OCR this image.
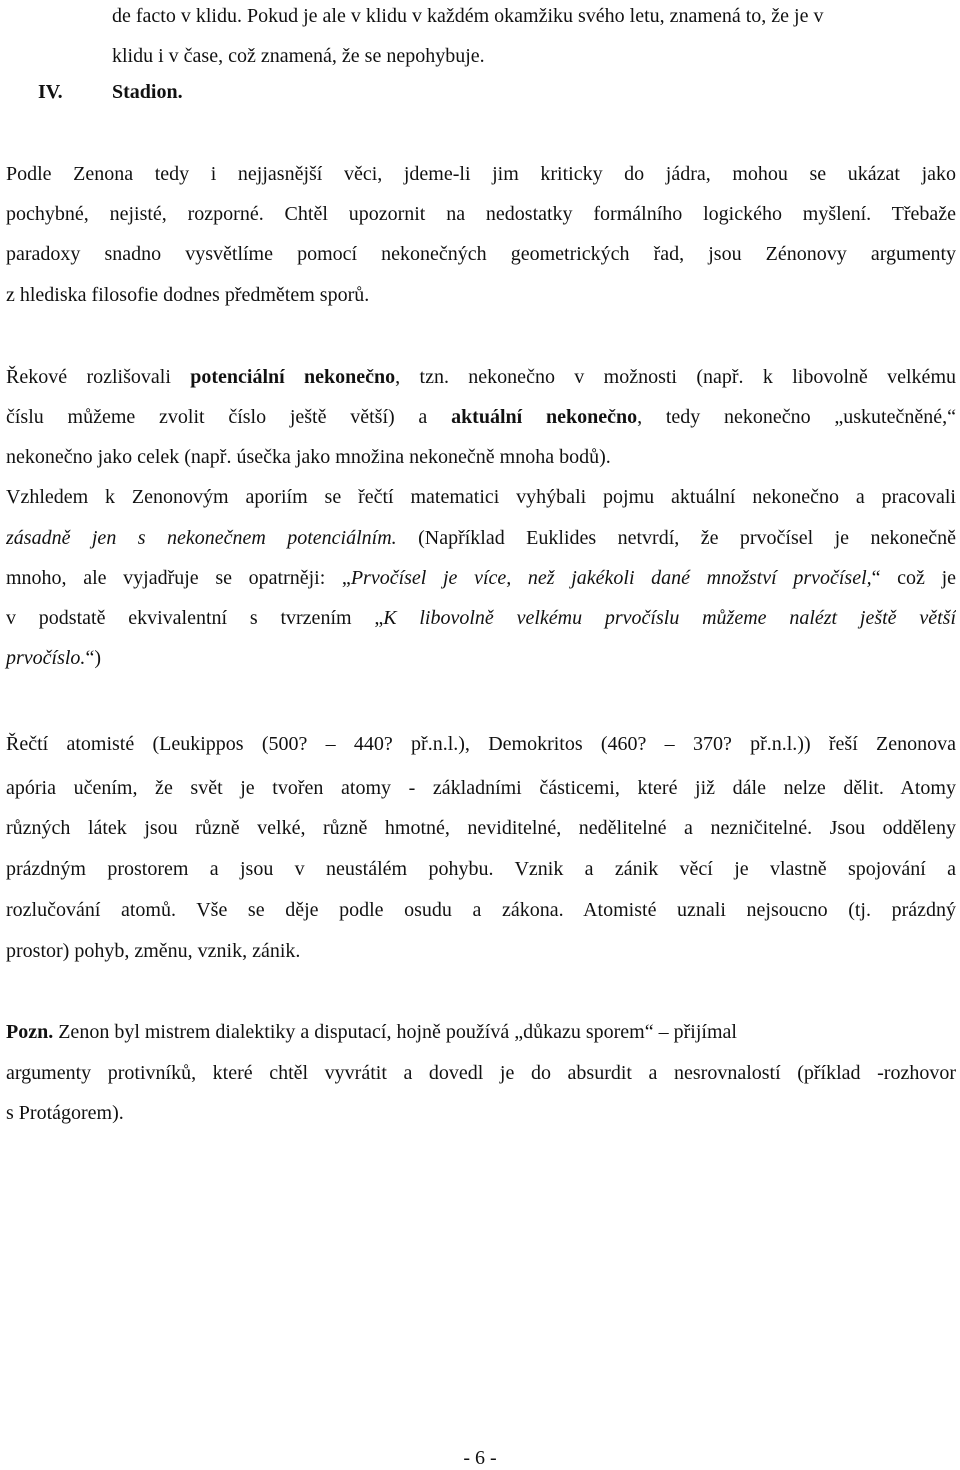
de facto v klidu. Pokud je ale v klidu v každém okamžiku svého letu, znamená to, že je v
klidu i v čase, což znamená, že se nepohybuje.
IV. Stadion.
Podle Zenona tedy i nejjasnější věci, jdeme-li jim kriticky do jádra, mohou se ukázat jako
pochybné, nejisté, rozporné. Chtěl upozornit na nedostatky formálního logického myšlení. Třebaže
paradoxy snadno vysvětlíme pomocí nekonečných geometrických řad, jsou Zénonovy argumenty
z hlediska filosofie dodnes předmětem sporů.
Řekové rozlišovali potenciální nekonečno, tzn. nekonečno v možnosti (např. k libovolně velkému
číslu můžeme zvolit číslo ještě větší) a aktuální nekonečno, tedy nekonečno „uskutečněné,“
nekonečno jako celek (např. úsečka jako množina nekonečně mnoha bodů).
Vzhledem k Zenonovým aporiím se řečtí matematici vyhýbali pojmu aktuální nekonečno a pracovali
zásadně jen s nekonečnem potenciálním. (Například Euklides netvrdí, že prvočísel je nekonečně
mnoho, ale vyjadřuje se opatrněji: „Prvočísel je více, než jakékoli dané množství prvočísel,“ což je
v podstatě ekvivalentní s tvrzením „K libovolně velkému prvočíslu můžeme nalézt ještě větší
prvočíslo.“)
Řečtí atomisté (Leukippos (500? – 440? př.n.l.), Demokritos (460? – 370? př.n.l.)) řeší Zenonova
apória učením, že svět je tvořen atomy - základními částicemi, které již dále nelze dělit. Atomy
různých látek jsou různě velké, různě hmotné, neviditelné, nedělitelné a nezničitelné. Jsou odděleny
prázdným prostorem a jsou v neustálém pohybu. Vznik a zánik věcí je vlastně spojování a
rozlučování atomů. Vše se děje podle osudu a zákona. Atomisté uznali nejsoucno (tj. prázdný
prostor) pohyb, změnu, vznik, zánik.
Pozn. Zenon byl mistrem dialektiky a disputací, hojně používá „důkazu sporem“ – přijímal
argumenty protivníků, které chtěl vyvrátit a dovedl je do absurdit a nesrovnalostí (příklad -rozhovor
s Protágorem).
- 6 -
